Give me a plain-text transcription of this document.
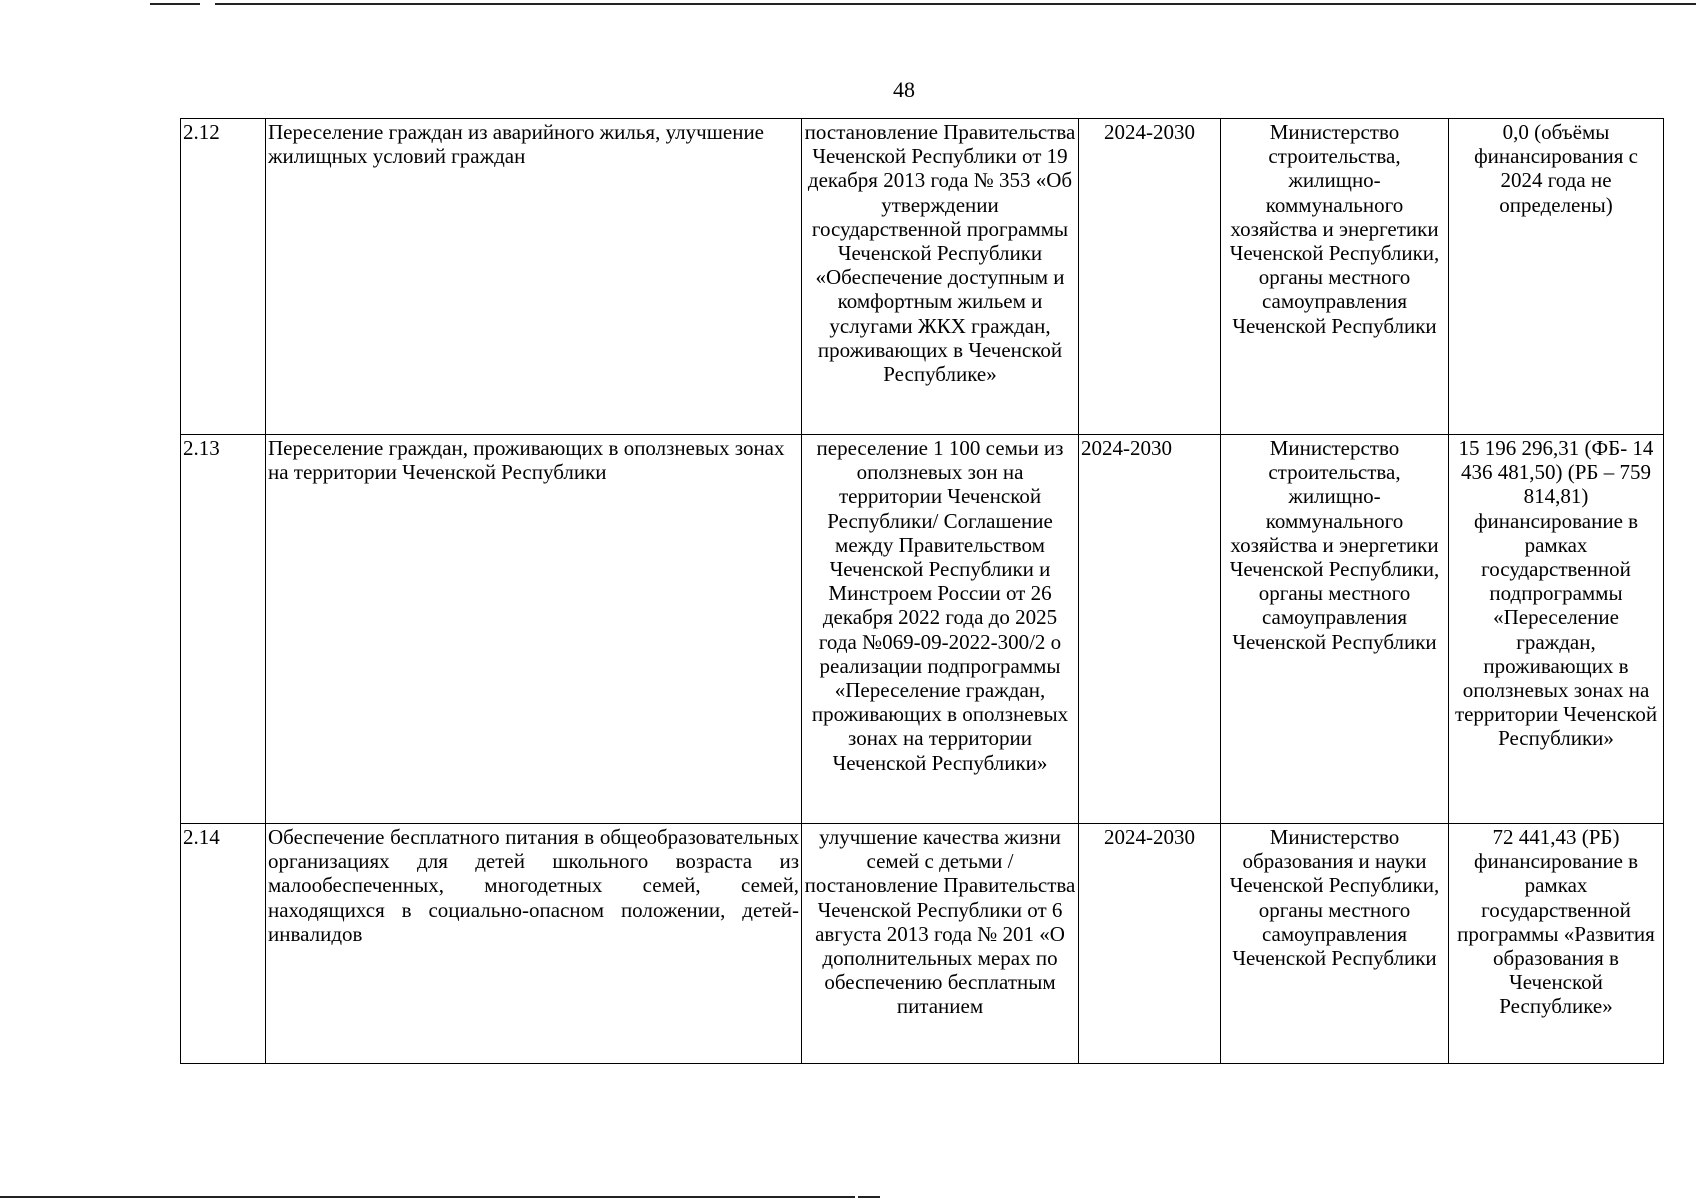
48
2.12	Переселение граждан из аварийного жилья, улучшение жилищных условий граждан	постановление Правительства Чеченской Республики от 19 декабря 2013 года № 353 «Об утверждении государственной программы Чеченской Республики «Обеспечение доступным и комфортным жильем и услугами ЖКХ граждан, проживающих в Чеченской Республике»	2024-2030	Министерство строительства, жилищно-коммунального хозяйства и энергетики Чеченской Республики, органы местного самоуправления Чеченской Республики	0,0 (объёмы финансирования с 2024 года не определены)
2.13	Переселение граждан, проживающих в оползневых зонах на территории Чеченской Республики	переселение 1 100 семьи из оползневых зон на территории Чеченской Республики/ Соглашение между Правительством Чеченской Республики и Минстроем России от 26 декабря 2022 года до 2025 года №069-09-2022-300/2 о реализации подпрограммы «Переселение граждан, проживающих в оползневых зонах на территории Чеченской Республики»	2024-2030	Министерство строительства, жилищно-коммунального хозяйства и энергетики Чеченской Республики, органы местного самоуправления Чеченской Республики	15 196 296,31 (ФБ- 14 436 481,50) (РБ – 759 814,81) финансирование в рамках государственной подпрограммы «Переселение граждан, проживающих в оползневых зонах на территории Чеченской Республики»
2.14	Обеспечение бесплатного питания в общеобразовательных организациях для детей школьного возраста из малообеспеченных, многодетных семей, семей, находящихся в социально-опасном положении, детей-инвалидов	улучшение качества жизни семей с детьми / постановление Правительства Чеченской Республики от 6 августа 2013 года № 201 «О дополнительных мерах по обеспечению бесплатным питанием	2024-2030	Министерство образования и науки Чеченской Республики, органы местного самоуправления Чеченской Республики	72 441,43 (РБ) финансирование в рамках государственной программы «Развития образования в Чеченской Республике»
